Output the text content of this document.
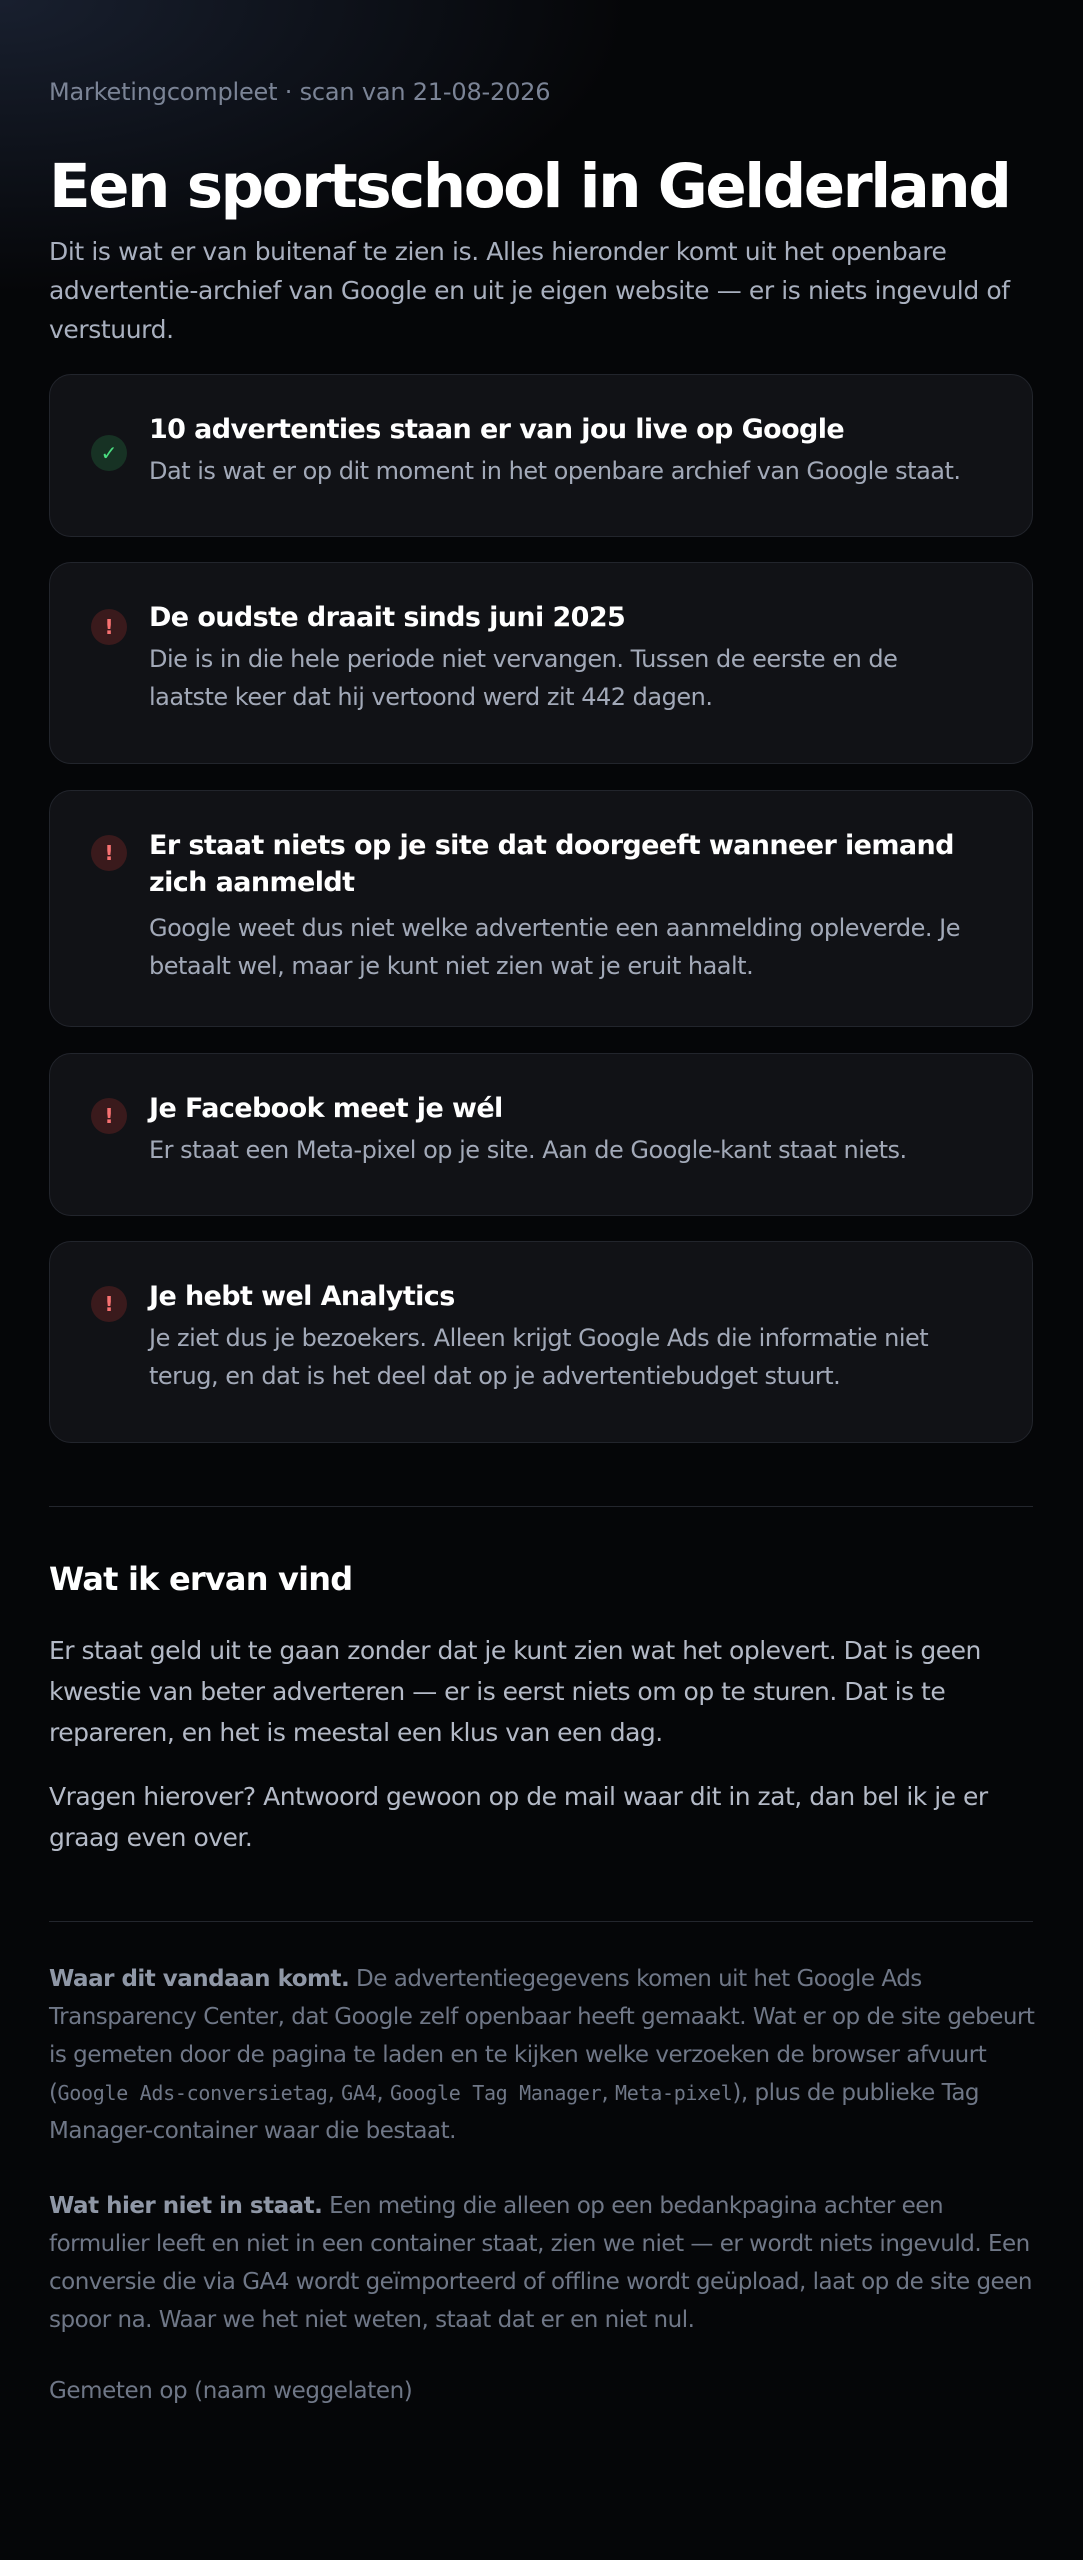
Marketingcompleet · scan van 21-08-2026
Een sportschool in Gelderland

Dit is wat er van buitenaf te zien is. Alles hieronder komt uit het openbare advertentie-archief van Google en uit je eigen website — er is niets ingevuld of verstuurd.

✓
10 advertenties staan er van jou live op Google

Dat is wat er op dit moment in het openbare archief van Google staat.

!	De oudste draait sinds juni 2025

Die is in die hele periode niet vervangen. Tussen de eerste en de laatste keer dat hij vertoond werd zit 442 dagen.

!	Er staat niets op je site dat doorgeeft wanneer iemand zich aanmeldt

Google weet dus niet welke advertentie een aanmelding opleverde. Je betaalt wel, maar je kunt niet zien wat je eruit haalt.

!	Je Facebook meet je wél

Er staat een Meta-pixel op je site. Aan de Google-kant staat niets.

!	Je hebt wel Analytics

Je ziet dus je bezoekers. Alleen krijgt Google Ads die informatie niet terug, en dat is het deel dat op je advertentiebudget stuurt.

Wat ik ervan vind

Er staat geld uit te gaan zonder dat je kunt zien wat het oplevert. Dat is geen kwestie van beter adverteren — er is eerst niets om op te sturen. Dat is te repareren, en het is meestal een klus van een dag.

Vragen hierover? Antwoord gewoon op de mail waar dit in zat, dan bel ik je er graag even over.

Waar dit vandaan komt. De advertentiegegevens komen uit het Google Ads Transparency Center, dat Google zelf openbaar heeft gemaakt. Wat er op de site gebeurt is gemeten door de pagina te laden en te kijken welke verzoeken de browser afvuurt (Google Ads-conversietag, GA4, Google Tag Manager, Meta-pixel), plus de publieke Tag Manager-container waar die bestaat.

Wat hier niet in staat. Een meting die alleen op een bedankpagina achter een formulier leeft en niet in een container staat, zien we niet — er wordt niets ingevuld. Een conversie die via GA4 wordt geïmporteerd of offline wordt geüpload, laat op de site geen spoor na. Waar we het niet weten, staat dat er en niet nul.

Gemeten op (naam weggelaten)
